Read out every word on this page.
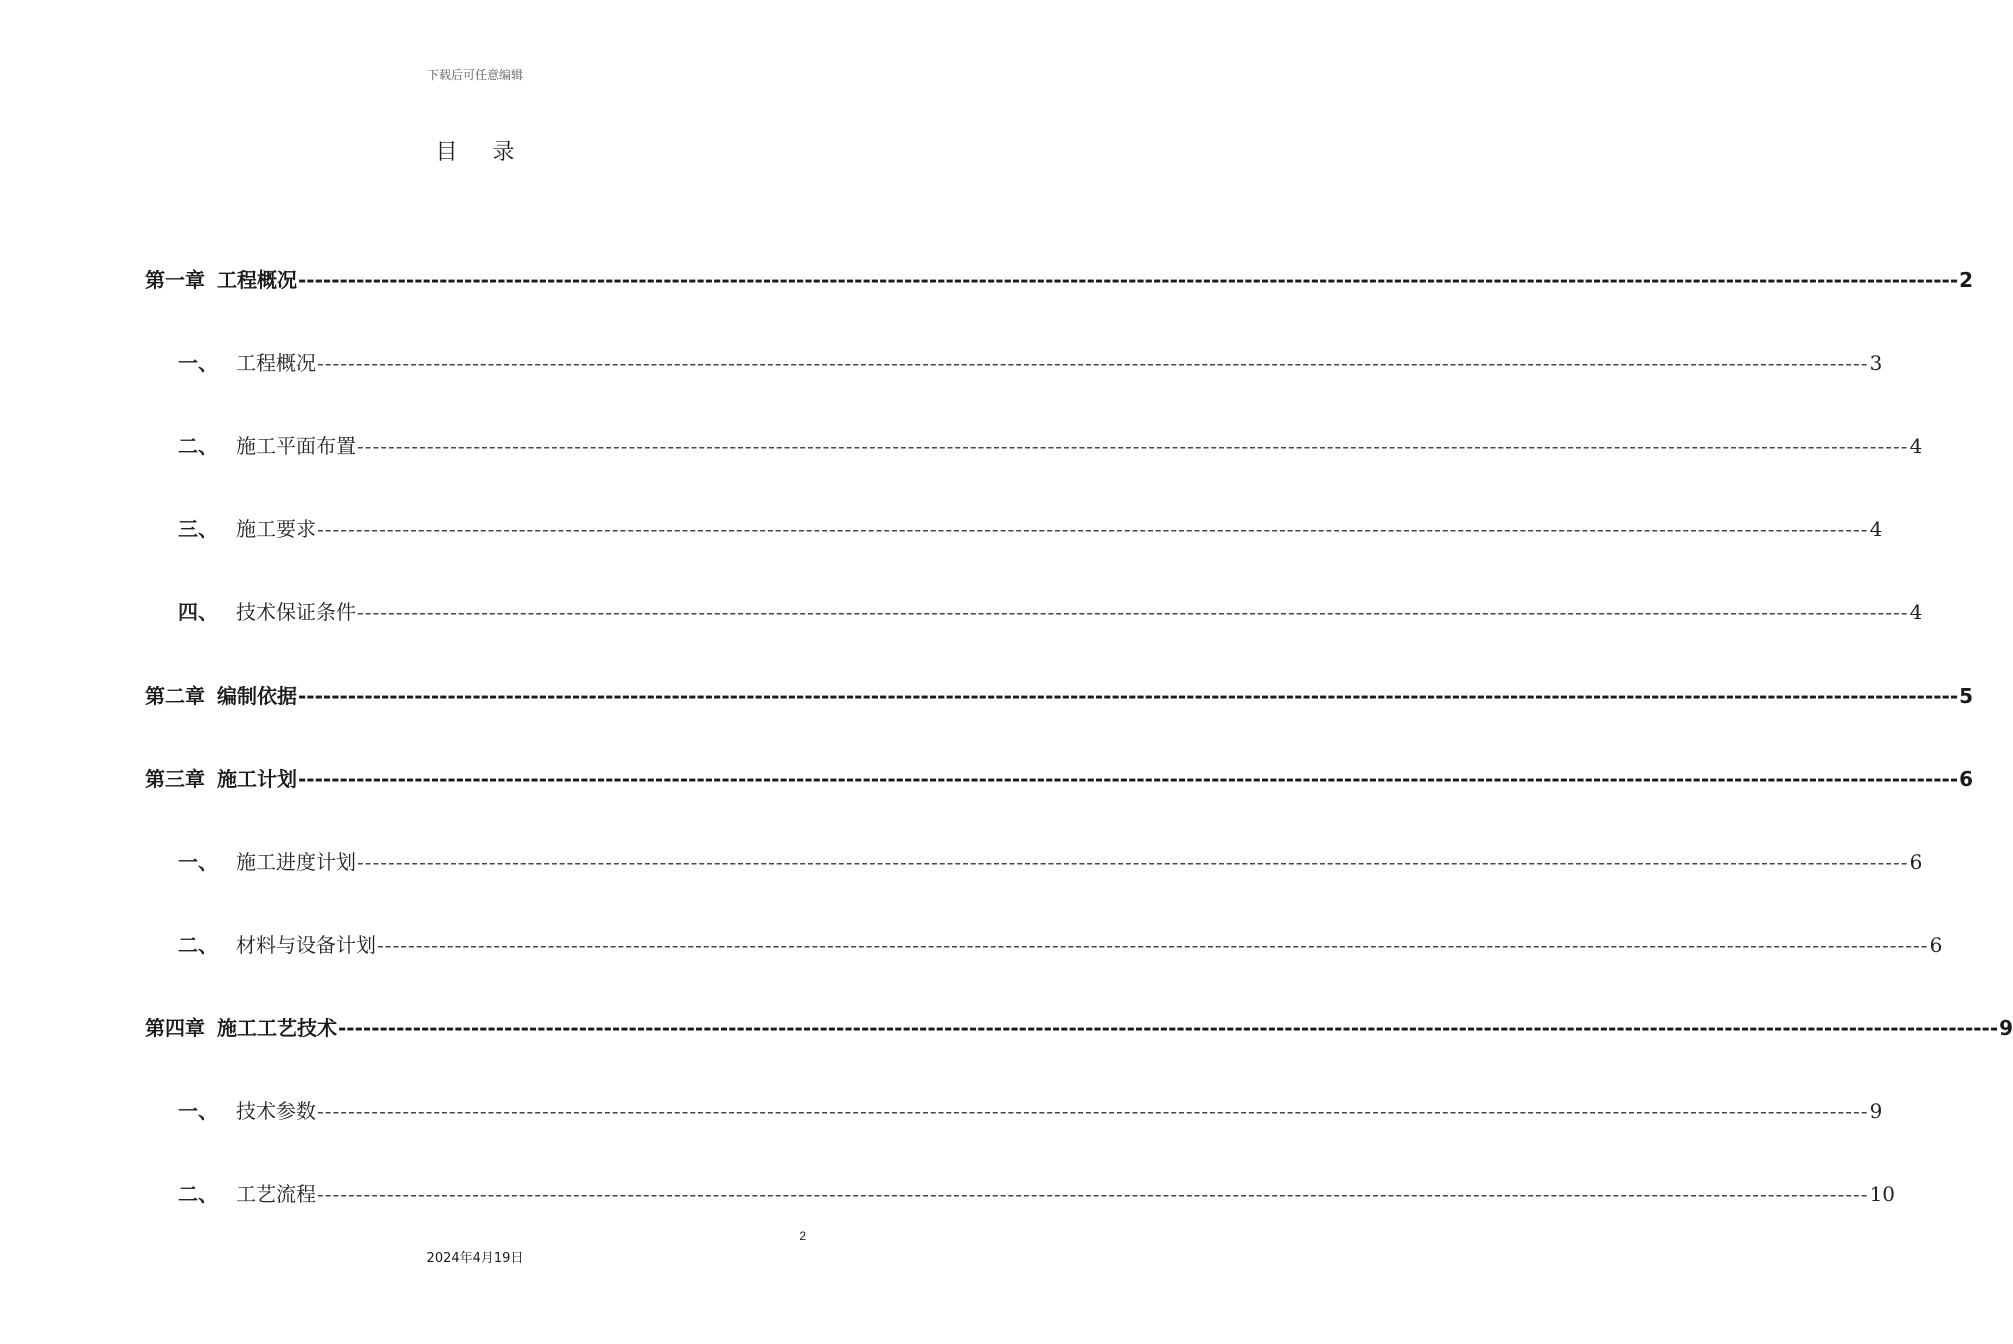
下载后可任意编辑
目 录
第一章 工程概况 -------------------------------------------------------------------------------------------------------------------------------------------------------------------------------------------------------- 2
一、 工程概况 -------------------------------------------------------------------------------------------------------------------------------------------------------------------------------------------------------- 3
二、 施工平面布置 -------------------------------------------------------------------------------------------------------------------------------------------------------------------------------------------------------- 4
三、 施工要求 -------------------------------------------------------------------------------------------------------------------------------------------------------------------------------------------------------- 4
四、 技术保证条件 -------------------------------------------------------------------------------------------------------------------------------------------------------------------------------------------------------- 4
第二章 编制依据 -------------------------------------------------------------------------------------------------------------------------------------------------------------------------------------------------------- 5
第三章 施工计划 -------------------------------------------------------------------------------------------------------------------------------------------------------------------------------------------------------- 6
一、 施工进度计划 -------------------------------------------------------------------------------------------------------------------------------------------------------------------------------------------------------- 6
二、 材料与设备计划 -------------------------------------------------------------------------------------------------------------------------------------------------------------------------------------------------------- 6
第四章 施工工艺技术 -------------------------------------------------------------------------------------------------------------------------------------------------------------------------------------------------------- 9
一、 技术参数 -------------------------------------------------------------------------------------------------------------------------------------------------------------------------------------------------------- 9
二、 工艺流程 -------------------------------------------------------------------------------------------------------------------------------------------------------------------------------------------------------- 10
2
2024年4月19日
